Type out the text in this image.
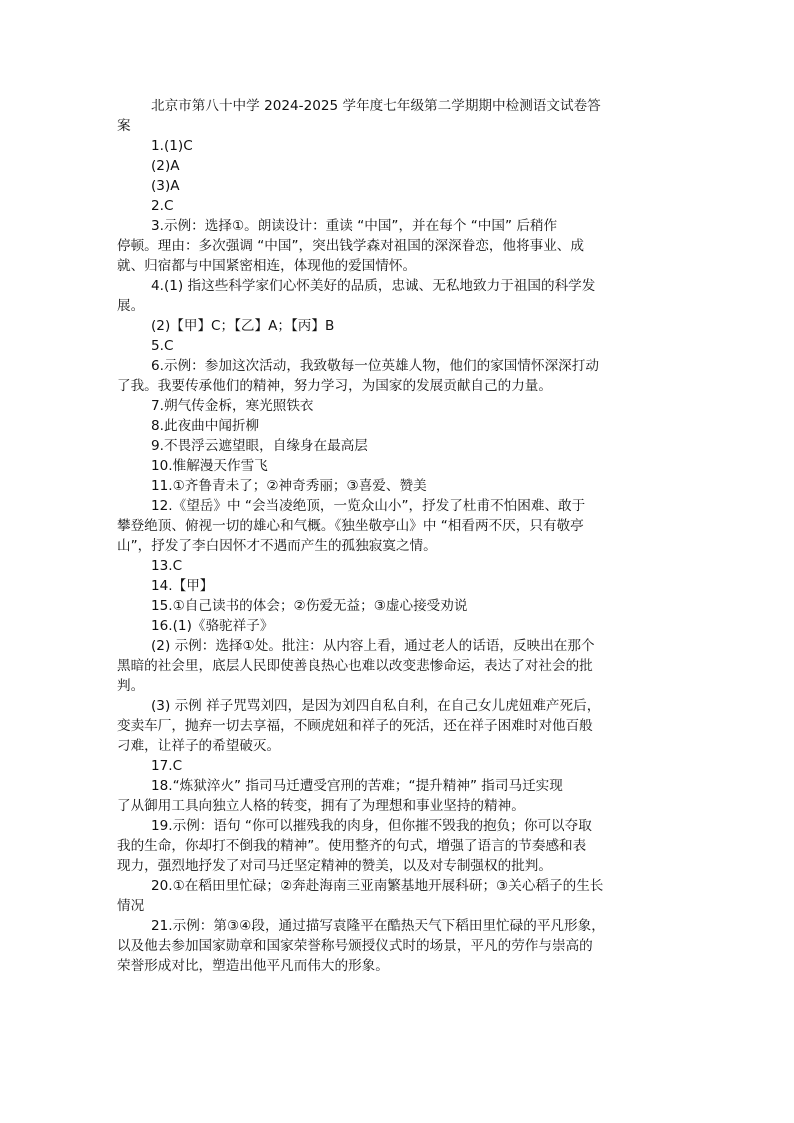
北京市第八十中学 2024-2025 学年度七年级第二学期期中检测语文试卷答

案

1.(1)C

(2)A

(3)A

2.C

3.示例：选择①。朗读设计：重读 “中国”，并在每个 “中国” 后稍作

停顿。理由：多次强调 “中国”，突出钱学森对祖国的深深眷恋，他将事业、成

就、归宿都与中国紧密相连，体现他的爱国情怀。

4.(1) 指这些科学家们心怀美好的品质，忠诚、无私地致力于祖国的科学发

展。

(2)【甲】C；【乙】A；【丙】B

5.C

6.示例：参加这次活动，我致敬每一位英雄人物，他们的家国情怀深深打动

了我。我要传承他们的精神，努力学习，为国家的发展贡献自己的力量。

7.朔气传金柝，寒光照铁衣

8.此夜曲中闻折柳

9.不畏浮云遮望眼，自缘身在最高层

10.惟解漫天作雪飞

11.①齐鲁青未了；②神奇秀丽；③喜爱、赞美

12.《望岳》中 “会当凌绝顶，一览众山小”，抒发了杜甫不怕困难、敢于

攀登绝顶、俯视一切的雄心和气概。《独坐敬亭山》中 “相看两不厌，只有敬亭

山”，抒发了李白因怀才不遇而产生的孤独寂寞之情。

13.C

14.【甲】

15.①自己读书的体会；②伤爱无益；③虚心接受劝说

16.(1)《骆驼祥子》

(2) 示例：选择①处。批注：从内容上看，通过老人的话语，反映出在那个

黑暗的社会里，底层人民即使善良热心也难以改变悲惨命运，表达了对社会的批

判。

(3) 示例 祥子咒骂刘四，是因为刘四自私自利，在自己女儿虎妞难产死后，

变卖车厂，抛弃一切去享福，不顾虎妞和祥子的死活，还在祥子困难时对他百般

刁难，让祥子的希望破灭。

17.C

18.“炼狱淬火” 指司马迁遭受宫刑的苦难；“提升精神” 指司马迁实现

了从御用工具向独立人格的转变，拥有了为理想和事业坚持的精神。

19.示例：语句 “你可以摧残我的肉身，但你摧不毁我的抱负；你可以夺取

我的生命，你却打不倒我的精神”。使用整齐的句式，增强了语言的节奏感和表

现力，强烈地抒发了对司马迁坚定精神的赞美，以及对专制强权的批判。

20.①在稻田里忙碌；②奔赴海南三亚南繁基地开展科研；③关心稻子的生长

情况

21.示例：第③④段，通过描写袁隆平在酷热天气下稻田里忙碌的平凡形象，

以及他去参加国家勋章和国家荣誉称号颁授仪式时的场景，平凡的劳作与崇高的

荣誉形成对比，塑造出他平凡而伟大的形象。
